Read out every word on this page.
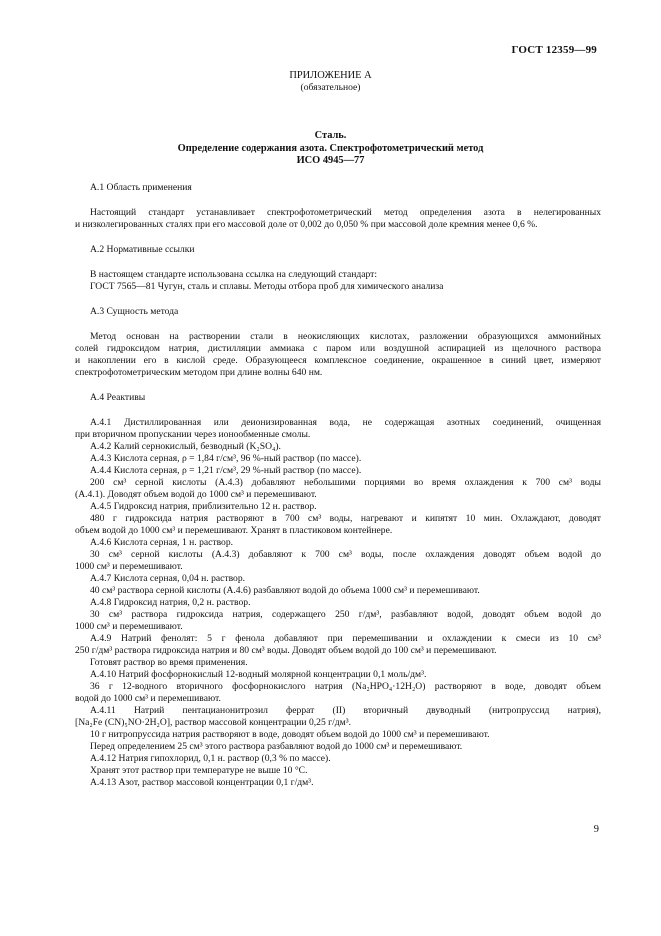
ГОСТ 12359—99
ПРИЛОЖЕНИЕ А
(обязательное)
Сталь.
Определение содержания азота. Спектрофотометрический метод
ИСО 4945—77
А.1 Область применения
Настоящий стандарт устанавливает спектрофотометрический метод определения азота в нелегированных
и низколегированных сталях при его массовой доле от 0,002 до 0,050 % при массовой доле кремния менее 0,6 %.
А.2 Нормативные ссылки
В настоящем стандарте использована ссылка на следующий стандарт:
ГОСТ 7565—81 Чугун, сталь и сплавы. Методы отбора проб для химического анализа
А.3 Сущность метода
Метод основан на растворении стали в неокисляющих кислотах, разложении образующихся аммонийных
солей гидроксидом натрия, дистилляции аммиака с паром или воздушной аспирацией из щелочного раствора
и накоплении его в кислой среде. Образующееся комплексное соединение, окрашенное в синий цвет, измеряют
спектрофотометрическим методом при длине волны 640 нм.
А.4 Реактивы
А.4.1 Дистиллированная или деионизированная вода, не содержащая азотных соединений, очищенная
при вторичном пропускании через ионообменные смолы.
А.4.2 Калий сернокислый, безводный (K₂SO₄).
А.4.3 Кислота серная, ρ = 1,84 г/см³, 96 %-ный раствор (по массе).
А.4.4 Кислота серная, ρ = 1,21 г/см³, 29 %-ный раствор (по массе).
200 см³ серной кислоты (А.4.3) добавляют небольшими порциями во время охлаждения к 700 см³ воды
(А.4.1). Доводят объем водой до 1000 см³ и перемешивают.
А.4.5 Гидроксид натрия, приблизительно 12 н. раствор.
480 г гидроксида натрия растворяют в 700 см³ воды, нагревают и кипятят 10 мин. Охлаждают, доводят
объем водой до 1000 см³ и перемешивают. Хранят в пластиковом контейнере.
А.4.6 Кислота серная, 1 н. раствор.
30 см³ серной кислоты (А.4.3) добавляют к 700 см³ воды, после охлаждения доводят объем водой до
1000 см³ и перемешивают.
А.4.7 Кислота серная, 0,04 н. раствор.
40 см³ раствора серной кислоты (А.4.6) разбавляют водой до объема 1000 см³ и перемешивают.
А.4.8 Гидроксид натрия, 0,2 н. раствор.
30 см³ раствора гидроксида натрия, содержащего 250 г/дм³, разбавляют водой, доводят объем водой до
1000 см³ и перемешивают.
А.4.9 Натрий фенолят: 5 г фенола добавляют при перемешивании и охлаждении к смеси из 10 см³
250 г/дм³ раствора гидроксида натрия и 80 см³ воды. Доводят объем водой до 100 см³ и перемешивают.
Готовят раствор во время применения.
А.4.10 Натрий фосфорнокислый 12-водный молярной концентрации 0,1 моль/дм³.
36 г 12-водного вторичного фосфорнокислого натрия (Na₂HPO₄·12H₂O) растворяют в воде, доводят объем
водой до 1000 см³ и перемешивают.
А.4.11 Натрий пентацианонитрозил феррат (II) вторичный двуводный (нитропруссид натрия),
[Na₂Fe (CN)₅NO·2H₂O], раствор массовой концентрации 0,25 г/дм³.
10 г нитропруссида натрия растворяют в воде, доводят объем водой до 1000 см³ и перемешивают.
Перед определением 25 см³ этого раствора разбавляют водой до 1000 см³ и перемешивают.
А.4.12 Натрия гипохлорид, 0,1 н. раствор (0,3 % по массе).
Хранят этот раствор при температуре не выше 10 °С.
А.4.13 Азот, раствор массовой концентрации 0,1 г/дм³.
9
